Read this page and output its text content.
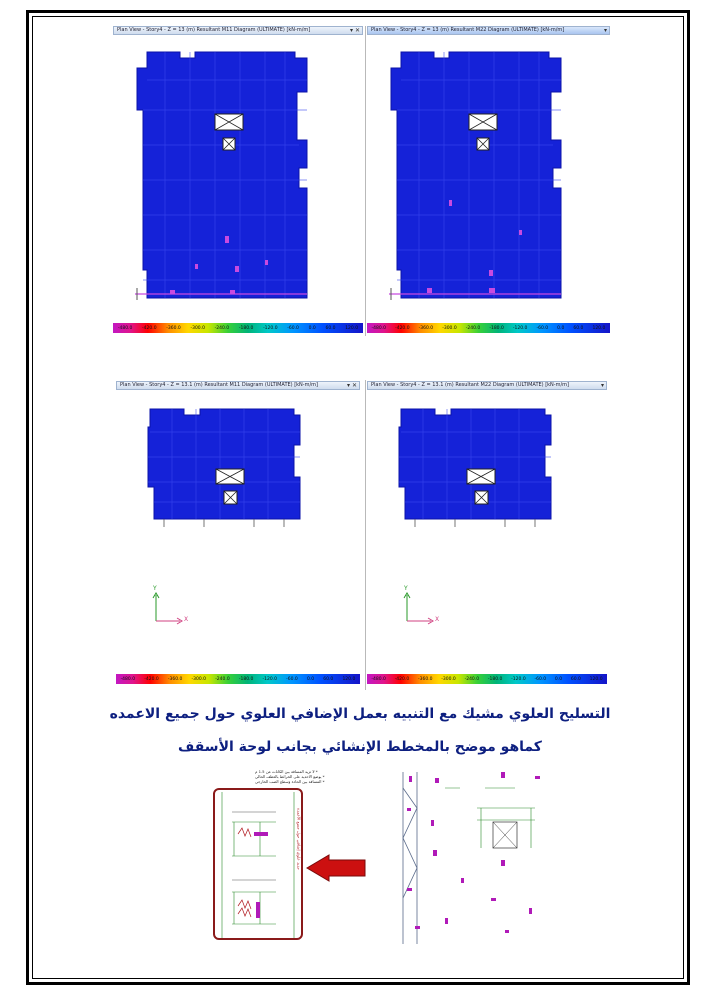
Plan View - Story4 - Z = 13 (m) Resultant M11 Diagram (ULTIMATE) [kN-m/m]	▾ ✕
-480.0 -420.0 -360.0 -300.0 -240.0 -180.0 -120.0 -60.0 0.0 60.0 120.0
Plan View - Story4 - Z = 13 (m) Resultant M22 Diagram (ULTIMATE) [kN-m/m]	▾
-480.0 -420.0 -360.0 -300.0 -240.0 -180.0 -120.0 -60.0 0.0 60.0 120.0
Plan View - Story4 - Z = 13.1 (m) Resultant M11 Diagram (ULTIMATE) [kN-m/m]	▾ ✕
Y
X
-480.0 -420.0 -360.0 -300.0 -240.0 -180.0 -120.0 -60.0 0.0 60.0 120.0
Plan View - Story4 - Z = 13.1 (m) Resultant M22 Diagram (ULTIMATE) [kN-m/m]	▾
Y
X
-480.0 -420.0 -360.0 -300.0 -240.0 -180.0 -120.0 -60.0 0.0 60.0 120.0
التسليح العلوي مشيك مع التنبيه بعمل الإضافي العلوي حول جميع الاعمده
كماهو موضح بالمخطط الإنشائي بجانب لوحة الأسقف
* لا تزيد المسافة بين الكانات عن 1.5 م
* يوضع الاحديد على الخرائط بالعطف الحالي
* المسافة بين الحادة وسطح الصب الخارجي
حديد علوي إضافي حول جميع الأعمدة
